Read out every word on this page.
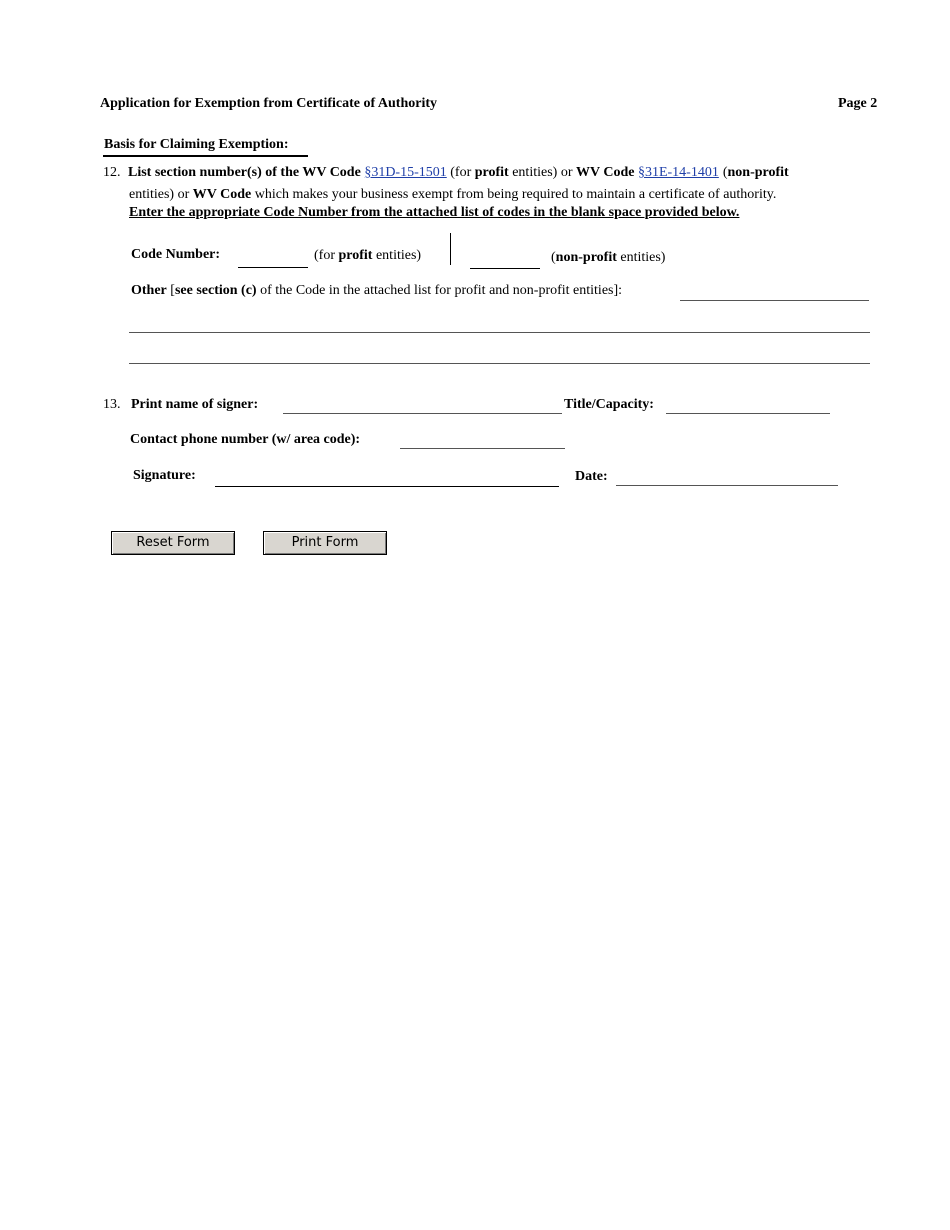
Application for Exemption from Certificate of Authority	Page 2
Basis for Claiming Exemption:
12. List section number(s) of the WV Code §31D-15-1501 (for profit entities) or WV Code §31E-14-1401 (non-profit
entities) or WV Code which makes your business exempt from being required to maintain a certificate of authority.
Enter the appropriate Code Number from the attached list of codes in the blank space provided below.
Code Number:	(for profit entities)	(non-profit entities)
Other [see section (c) of the Code in the attached list for profit and non-profit entities]:
13. Print name of signer:	Title/Capacity:
Contact phone number (w/ area code):
Signature:	Date:
Reset Form	Print Form
